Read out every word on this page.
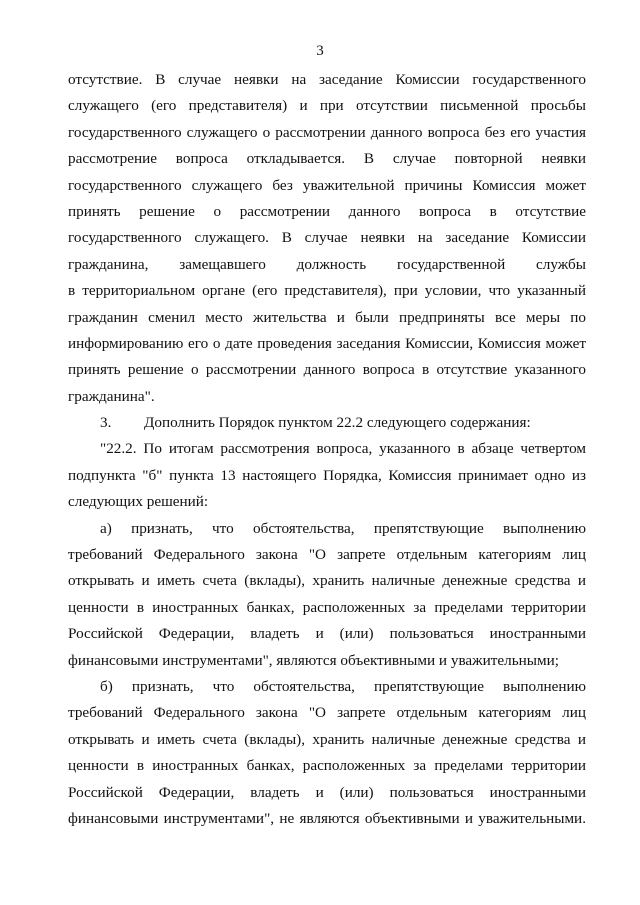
3
отсутствие. В случае неявки на заседание Комиссии государственного
служащего (его представителя) и при отсутствии письменной просьбы
государственного служащего о рассмотрении данного вопроса без его участия
рассмотрение вопроса откладывается. В случае повторной неявки
государственного служащего без уважительной причины Комиссия может
принять решение о рассмотрении данного вопроса в отсутствие
государственного служащего. В случае неявки на заседание Комиссии
гражданина, замещавшего должность государственной службы
в территориальном органе (его представителя), при условии, что указанный
гражданин сменил место жительства и были предприняты все меры по
информированию его о дате проведения заседания Комиссии, Комиссия может
принять решение о рассмотрении данного вопроса в отсутствие указанного
гражданина".
3. Дополнить Порядок пунктом 22.2 следующего содержания:
"22.2. По итогам рассмотрения вопроса, указанного в абзаце четвертом
подпункта "б" пункта 13 настоящего Порядка, Комиссия принимает одно из
следующих решений:
а) признать, что обстоятельства, препятствующие выполнению
требований Федерального закона "О запрете отдельным категориям лиц
открывать и иметь счета (вклады), хранить наличные денежные средства и
ценности в иностранных банках, расположенных за пределами территории
Российской Федерации, владеть и (или) пользоваться иностранными
финансовыми инструментами", являются объективными и уважительными;
б) признать, что обстоятельства, препятствующие выполнению
требований Федерального закона "О запрете отдельным категориям лиц
открывать и иметь счета (вклады), хранить наличные денежные средства и
ценности в иностранных банках, расположенных за пределами территории
Российской Федерации, владеть и (или) пользоваться иностранными
финансовыми инструментами", не являются объективными и уважительными.
